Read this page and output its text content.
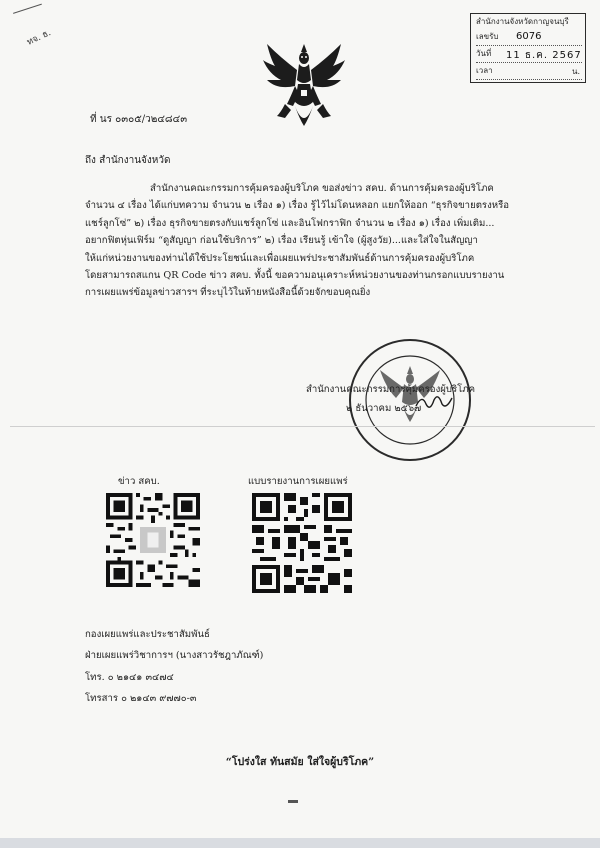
ทจ. ธ.
สำนักงานจังหวัดกาญจนบุรี
เลขรับ 6076
วันที่ 11 ธ.ค. 2567
เวลา	น.
ที่ นร ๐๓๐๕/ว๒๔๘๔๓
ถึง สำนักงานจังหวัด

สำนักงานคณะกรรมการคุ้มครองผู้บริโภค ขอส่งข่าว สคบ. ด้านการคุ้มครองผู้บริโภค

จำนวน ๔ เรื่อง ได้แก่บทความ จำนวน ๒ เรื่อง ๑) เรื่อง รู้ไว้ไม่โดนหลอก แยกให้ออก “ธุรกิจขายตรงหรือ

แชร์ลูกโซ่” ๒) เรื่อง ธุรกิจขายตรงกับแชร์ลูกโซ่ และอินโฟกราฟิก จำนวน ๒ เรื่อง ๑) เรื่อง เพิ่มเติม...

อยากฟิตหุ่นเฟิร์ม “ดูสัญญา ก่อนใช้บริการ” ๒) เรื่อง เรียนรู้ เข้าใจ (ผู้สูงวัย)...และใส่ใจในสัญญา

ให้แก่หน่วยงานของท่านได้ใช้ประโยชน์และเพื่อเผยแพร่ประชาสัมพันธ์ด้านการคุ้มครองผู้บริโภค

โดยสามารถสแกน QR Code ข่าว สคบ. ทั้งนี้ ขอความอนุเคราะห์หน่วยงานของท่านกรอกแบบรายงาน

การเผยแพร่ข้อมูลข่าวสารฯ ที่ระบุไว้ในท้ายหนังสือนี้ด้วยจักขอบคุณยิ่ง

สำนักงานคณะกรรมการคุ้มครองผู้บริโภค
๒ ธันวาคม ๒๕๖๗
ข่าว สคบ.	แบบรายงานการเผยแพร่
กองเผยแพร่และประชาสัมพันธ์
ฝ่ายเผยแพร่วิชาการฯ (นางสาวรัชฎาภัณฑ์)
โทร. ๐ ๒๑๔๑ ๓๔๗๔
โทรสาร ๐ ๒๑๔๓ ๙๗๗๐-๓
“โปร่งใส ทันสมัย ใส่ใจผู้บริโภค”
